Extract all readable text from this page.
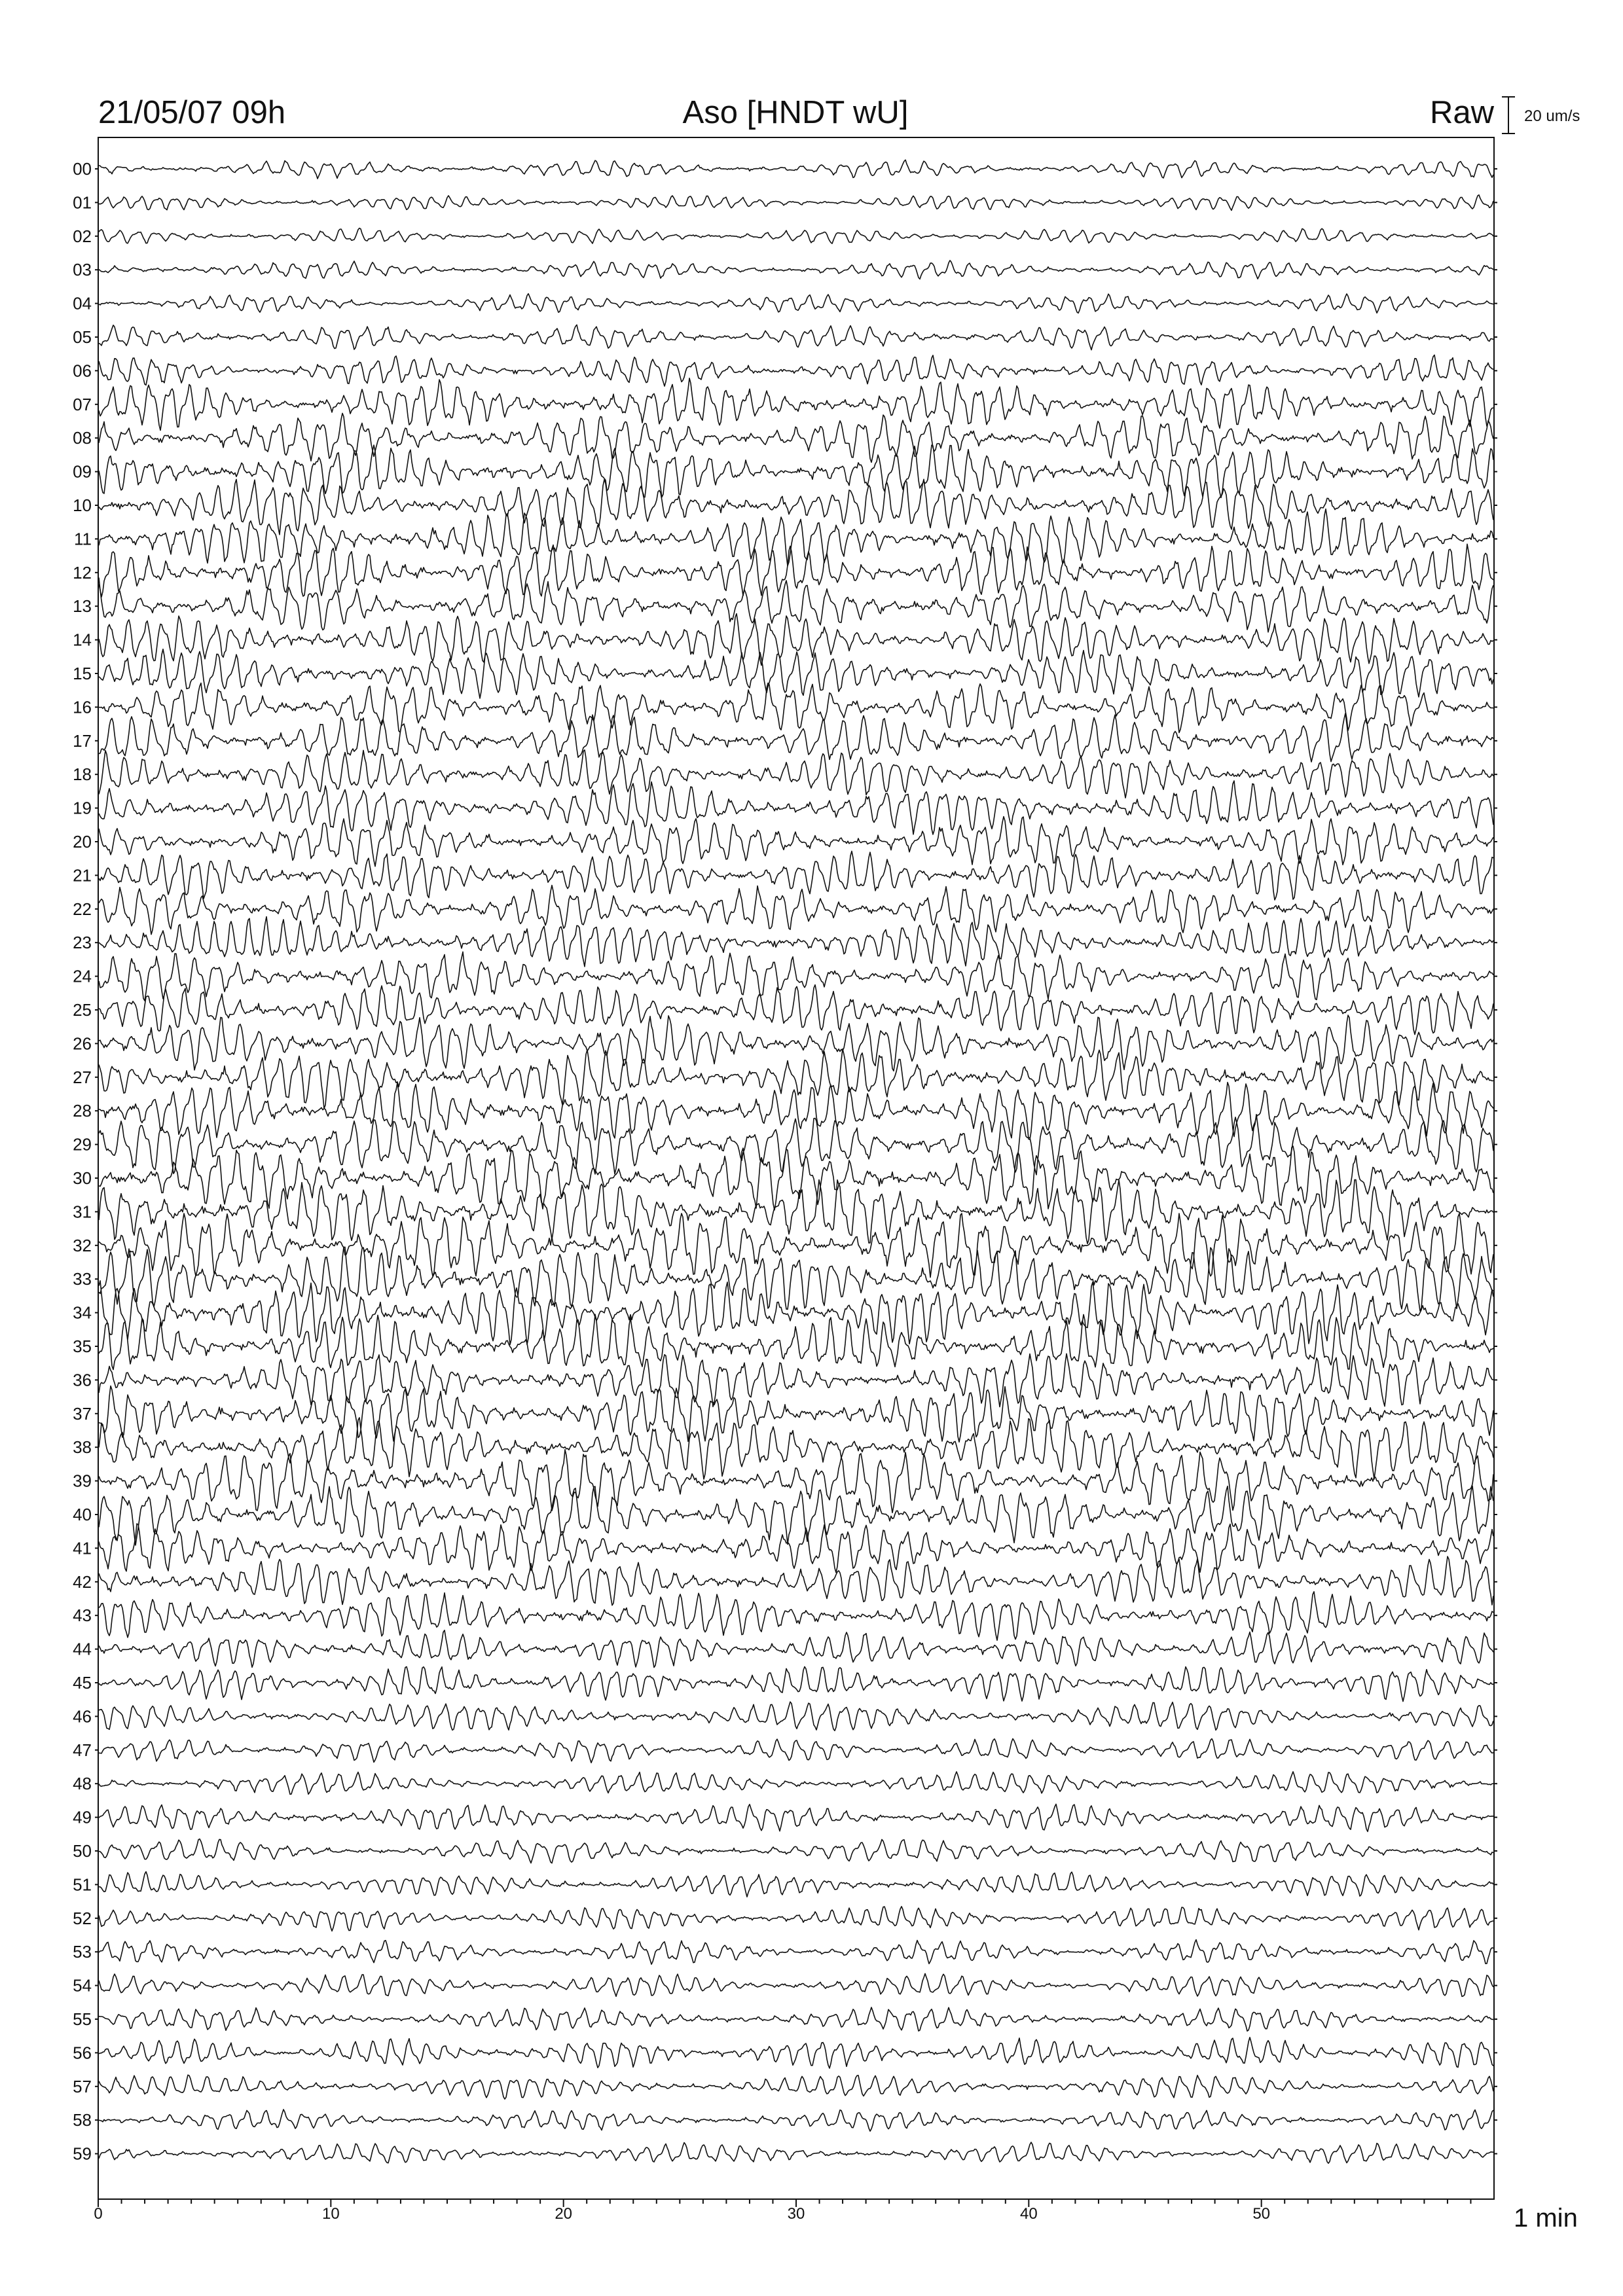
21/05/07 09h	Aso [HNDT wU]	Raw 20 um/s
00
01
02
03
04
05
06
07
08
09
10
11
12
13
14
15
16
17
18
19
20
21
22
23
24
25
26
27
28
29
30
31
32
33
34
35
36
37
38
39
40
41
42
43
44
45
46
47
48
49
50
51
52
53
54
55
56
57
58
59
0	10	20	30	40	50	1 min
